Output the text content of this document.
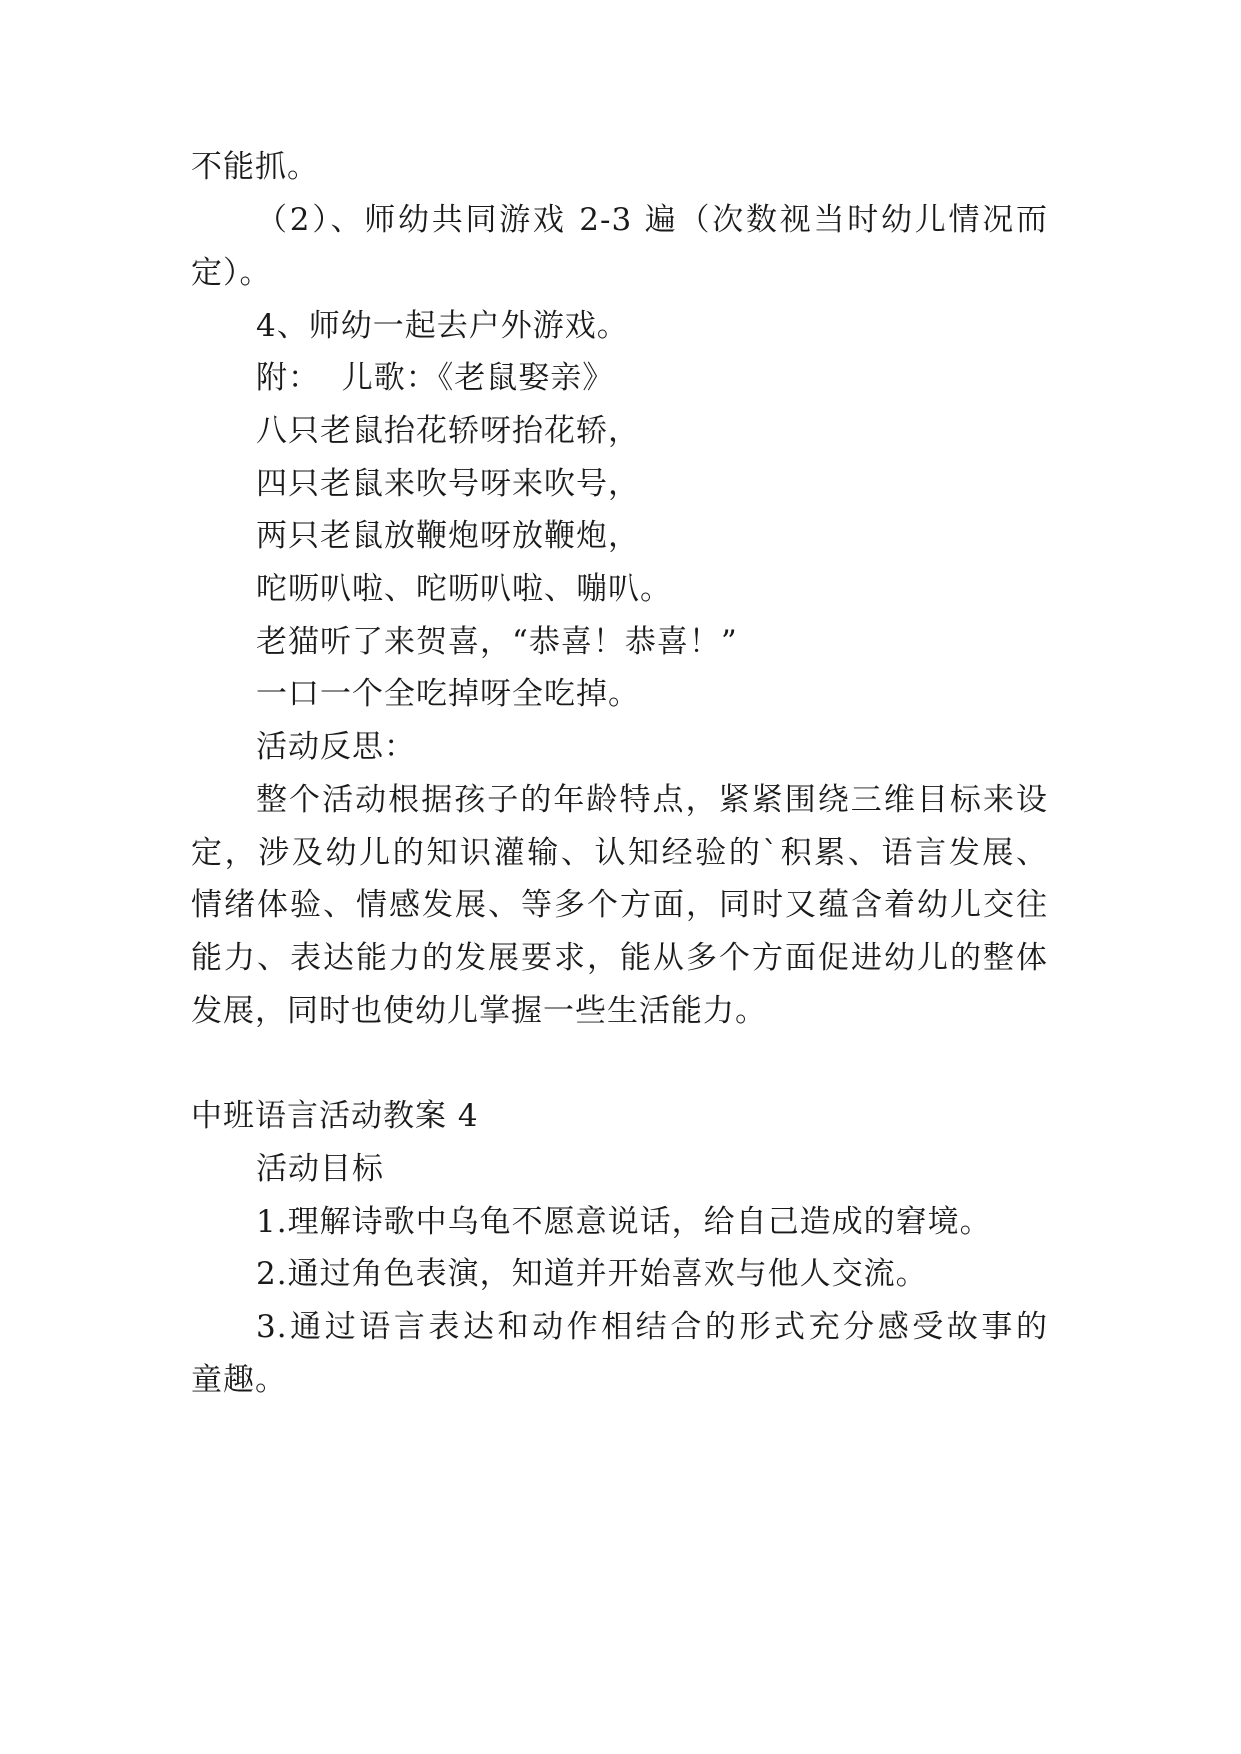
不能抓。
（2）、师幼共同游戏 2-3 遍（次数视当时幼儿情况而
定）。
4、师幼一起去户外游戏。
附：  儿歌：《老鼠娶亲》
八只老鼠抬花轿呀抬花轿，
四只老鼠来吹号呀来吹号，
两只老鼠放鞭炮呀放鞭炮，
咜呖叭啦、咜呖叭啦、嘣叭。
老猫听了来贺喜，“恭喜！恭喜！”
一口一个全吃掉呀全吃掉。
活动反思：
整个活动根据孩子的年龄特点，紧紧围绕三维目标来设
定，涉及幼儿的知识灌输、认知经验的`积累、语言发展、
情绪体验、情感发展、等多个方面，同时又蕴含着幼儿交往
能力、表达能力的发展要求，能从多个方面促进幼儿的整体
发展，同时也使幼儿掌握一些生活能力。
中班语言活动教案 4
活动目标
1.理解诗歌中乌龟不愿意说话，给自己造成的窘境。
2.通过角色表演，知道并开始喜欢与他人交流。
3.通过语言表达和动作相结合的形式充分感受故事的
童趣。
